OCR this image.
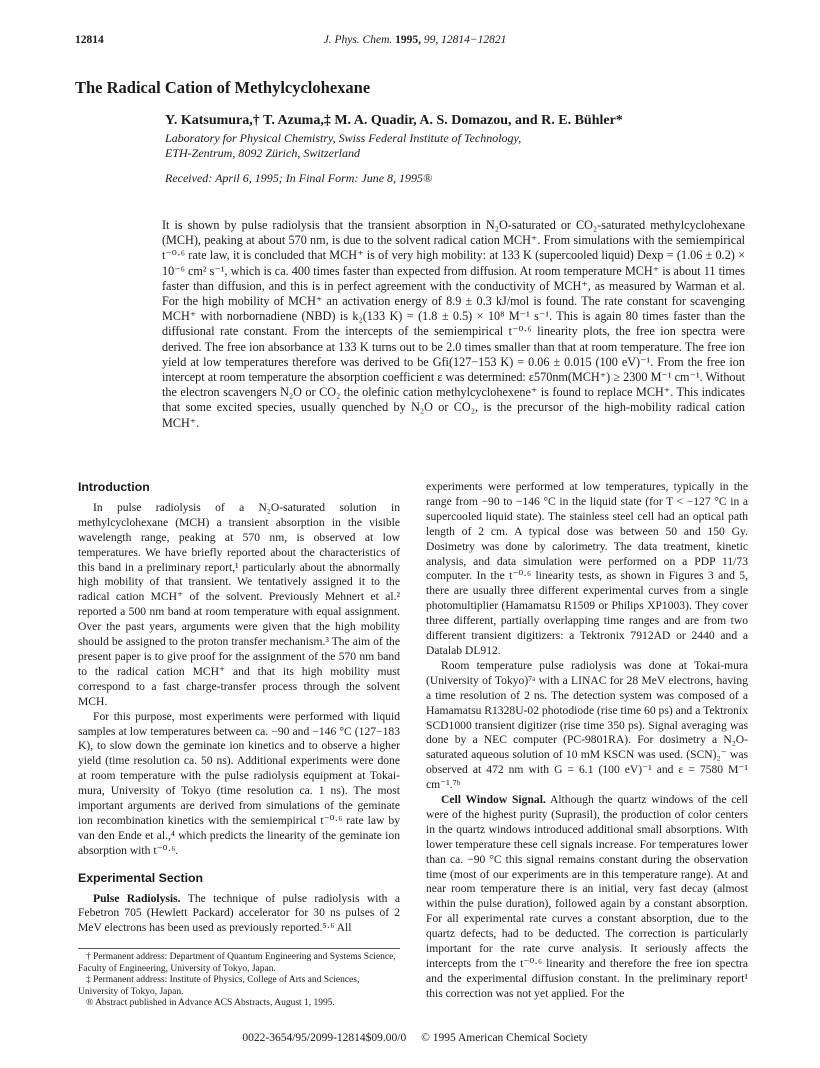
12814	J. Phys. Chem. 1995, 99, 12814−12821
The Radical Cation of Methylcyclohexane
Y. Katsumura,† T. Azuma,‡ M. A. Quadir, A. S. Domazou, and R. E. Bühler*
Laboratory for Physical Chemistry, Swiss Federal Institute of Technology,
ETH-Zentrum, 8092 Zürich, Switzerland
Received: April 6, 1995; In Final Form: June 8, 1995®

It is shown by pulse radiolysis that the transient absorption in N₂O-saturated or CO₂-saturated methylcyclohexane (MCH), peaking at about 570 nm, is due to the solvent radical cation MCH⁺. From simulations with the semiempirical t⁻⁰·⁶ rate law, it is concluded that MCH⁺ is of very high mobility: at 133 K (supercooled liquid) Dexp = (1.06 ± 0.2) × 10⁻⁶ cm² s⁻¹, which is ca. 400 times faster than expected from diffusion. At room temperature MCH⁺ is about 11 times faster than diffusion, and this is in perfect agreement with the conductivity of MCH⁺, as measured by Warman et al. For the high mobility of MCH⁺ an activation energy of 8.9 ± 0.3 kJ/mol is found. The rate constant for scavenging MCH⁺ with norbornadiene (NBD) is k₂(133 K) = (1.8 ± 0.5) × 10⁸ M⁻¹ s⁻¹. This is again 80 times faster than the diffusional rate constant. From the intercepts of the semiempirical t⁻⁰·⁶ linearity plots, the free ion spectra were derived. The free ion absorbance at 133 K turns out to be 2.0 times smaller than that at room temperature. The free ion yield at low temperatures therefore was derived to be Gfi(127−153 K) = 0.06 ± 0.015 (100 eV)⁻¹. From the free ion intercept at room temperature the absorption coefficient ε was determined: ε570nm(MCH⁺) ≥ 2300 M⁻¹ cm⁻¹. Without the electron scavengers N₂O or CO₂ the olefinic cation methylcyclohexene⁺ is found to replace MCH⁺. This indicates that some excited species, usually quenched by N₂O or CO₂, is the precursor of the high-mobility radical cation MCH⁺.

Introduction

In pulse radiolysis of a N₂O-saturated solution in methylcyclohexane (MCH) a transient absorption in the visible wavelength range, peaking at 570 nm, is observed at low temperatures. We have briefly reported about the characteristics of this band in a preliminary report,¹ particularly about the abnormally high mobility of that transient. We tentatively assigned it to the radical cation MCH⁺ of the solvent. Previously Mehnert et al.² reported a 500 nm band at room temperature with equal assignment. Over the past years, arguments were given that the high mobility should be assigned to the proton transfer mechanism.³ The aim of the present paper is to give proof for the assignment of the 570 nm band to the radical cation MCH⁺ and that its high mobility must correspond to a fast charge-transfer process through the solvent MCH.

For this purpose, most experiments were performed with liquid samples at low temperatures between ca. −90 and −146 °C (127−183 K), to slow down the geminate ion kinetics and to observe a higher yield (time resolution ca. 50 ns). Additional experiments were done at room temperature with the pulse radiolysis equipment at Tokai-mura, University of Tokyo (time resolution ca. 1 ns). The most important arguments are derived from simulations of the geminate ion recombination kinetics with the semiempirical t⁻⁰·⁶ rate law by van den Ende et al.,⁴ which predicts the linearity of the geminate ion absorption with t⁻⁰·⁶.

Experimental Section

Pulse Radiolysis. The technique of pulse radiolysis with a Febetron 705 (Hewlett Packard) accelerator for 30 ns pulses of 2 MeV electrons has been used as previously reported.⁵·⁶ All

† Permanent address: Department of Quantum Engineering and Systems Science, Faculty of Engineering, University of Tokyo, Japan.
‡ Permanent address: Institute of Physics, College of Arts and Sciences, University of Tokyo, Japan.
® Abstract published in Advance ACS Abstracts, August 1, 1995.

experiments were performed at low temperatures, typically in the range from −90 to −146 °C in the liquid state (for T < −127 °C in a supercooled liquid state). The stainless steel cell had an optical path length of 2 cm. A typical dose was between 50 and 150 Gy. Dosimetry was done by calorimetry. The data treatment, kinetic analysis, and data simulation were performed on a PDP 11/73 computer. In the t⁻⁰·⁶ linearity tests, as shown in Figures 3 and 5, there are usually three different experimental curves from a single photomultiplier (Hamamatsu R1509 or Philips XP1003). They cover three different, partially overlapping time ranges and are from two different transient digitizers: a Tektronix 7912AD or 2440 and a Datalab DL912.

Room temperature pulse radiolysis was done at Tokai-mura (University of Tokyo)⁷ᵃ with a LINAC for 28 MeV electrons, having a time resolution of 2 ns. The detection system was composed of a Hamamatsu R1328U-02 photodiode (rise time 60 ps) and a Tektronix SCD1000 transient digitizer (rise time 350 ps). Signal averaging was done by a NEC computer (PC-9801RA). For dosimetry a N₂O-saturated aqueous solution of 10 mM KSCN was used. (SCN)₂⁻ was observed at 472 nm with G = 6.1 (100 eV)⁻¹ and ε = 7580 M⁻¹ cm⁻¹.⁷ᵇ

Cell Window Signal. Although the quartz windows of the cell were of the highest purity (Suprasil), the production of color centers in the quartz windows introduced additional small absorptions. With lower temperature these cell signals increase. For temperatures lower than ca. −90 °C this signal remains constant during the observation time (most of our experiments are in this temperature range). At and near room temperature there is an initial, very fast decay (almost within the pulse duration), followed again by a constant absorption. For all experimental rate curves a constant absorption, due to the quartz defects, had to be deducted. The correction is particularly important for the rate curve analysis. It seriously affects the intercepts from the t⁻⁰·⁶ linearity and therefore the free ion spectra and the experimental diffusion constant. In the preliminary report¹ this correction was not yet applied. For the

0022-3654/95/2099-12814$09.00/0 © 1995 American Chemical Society
